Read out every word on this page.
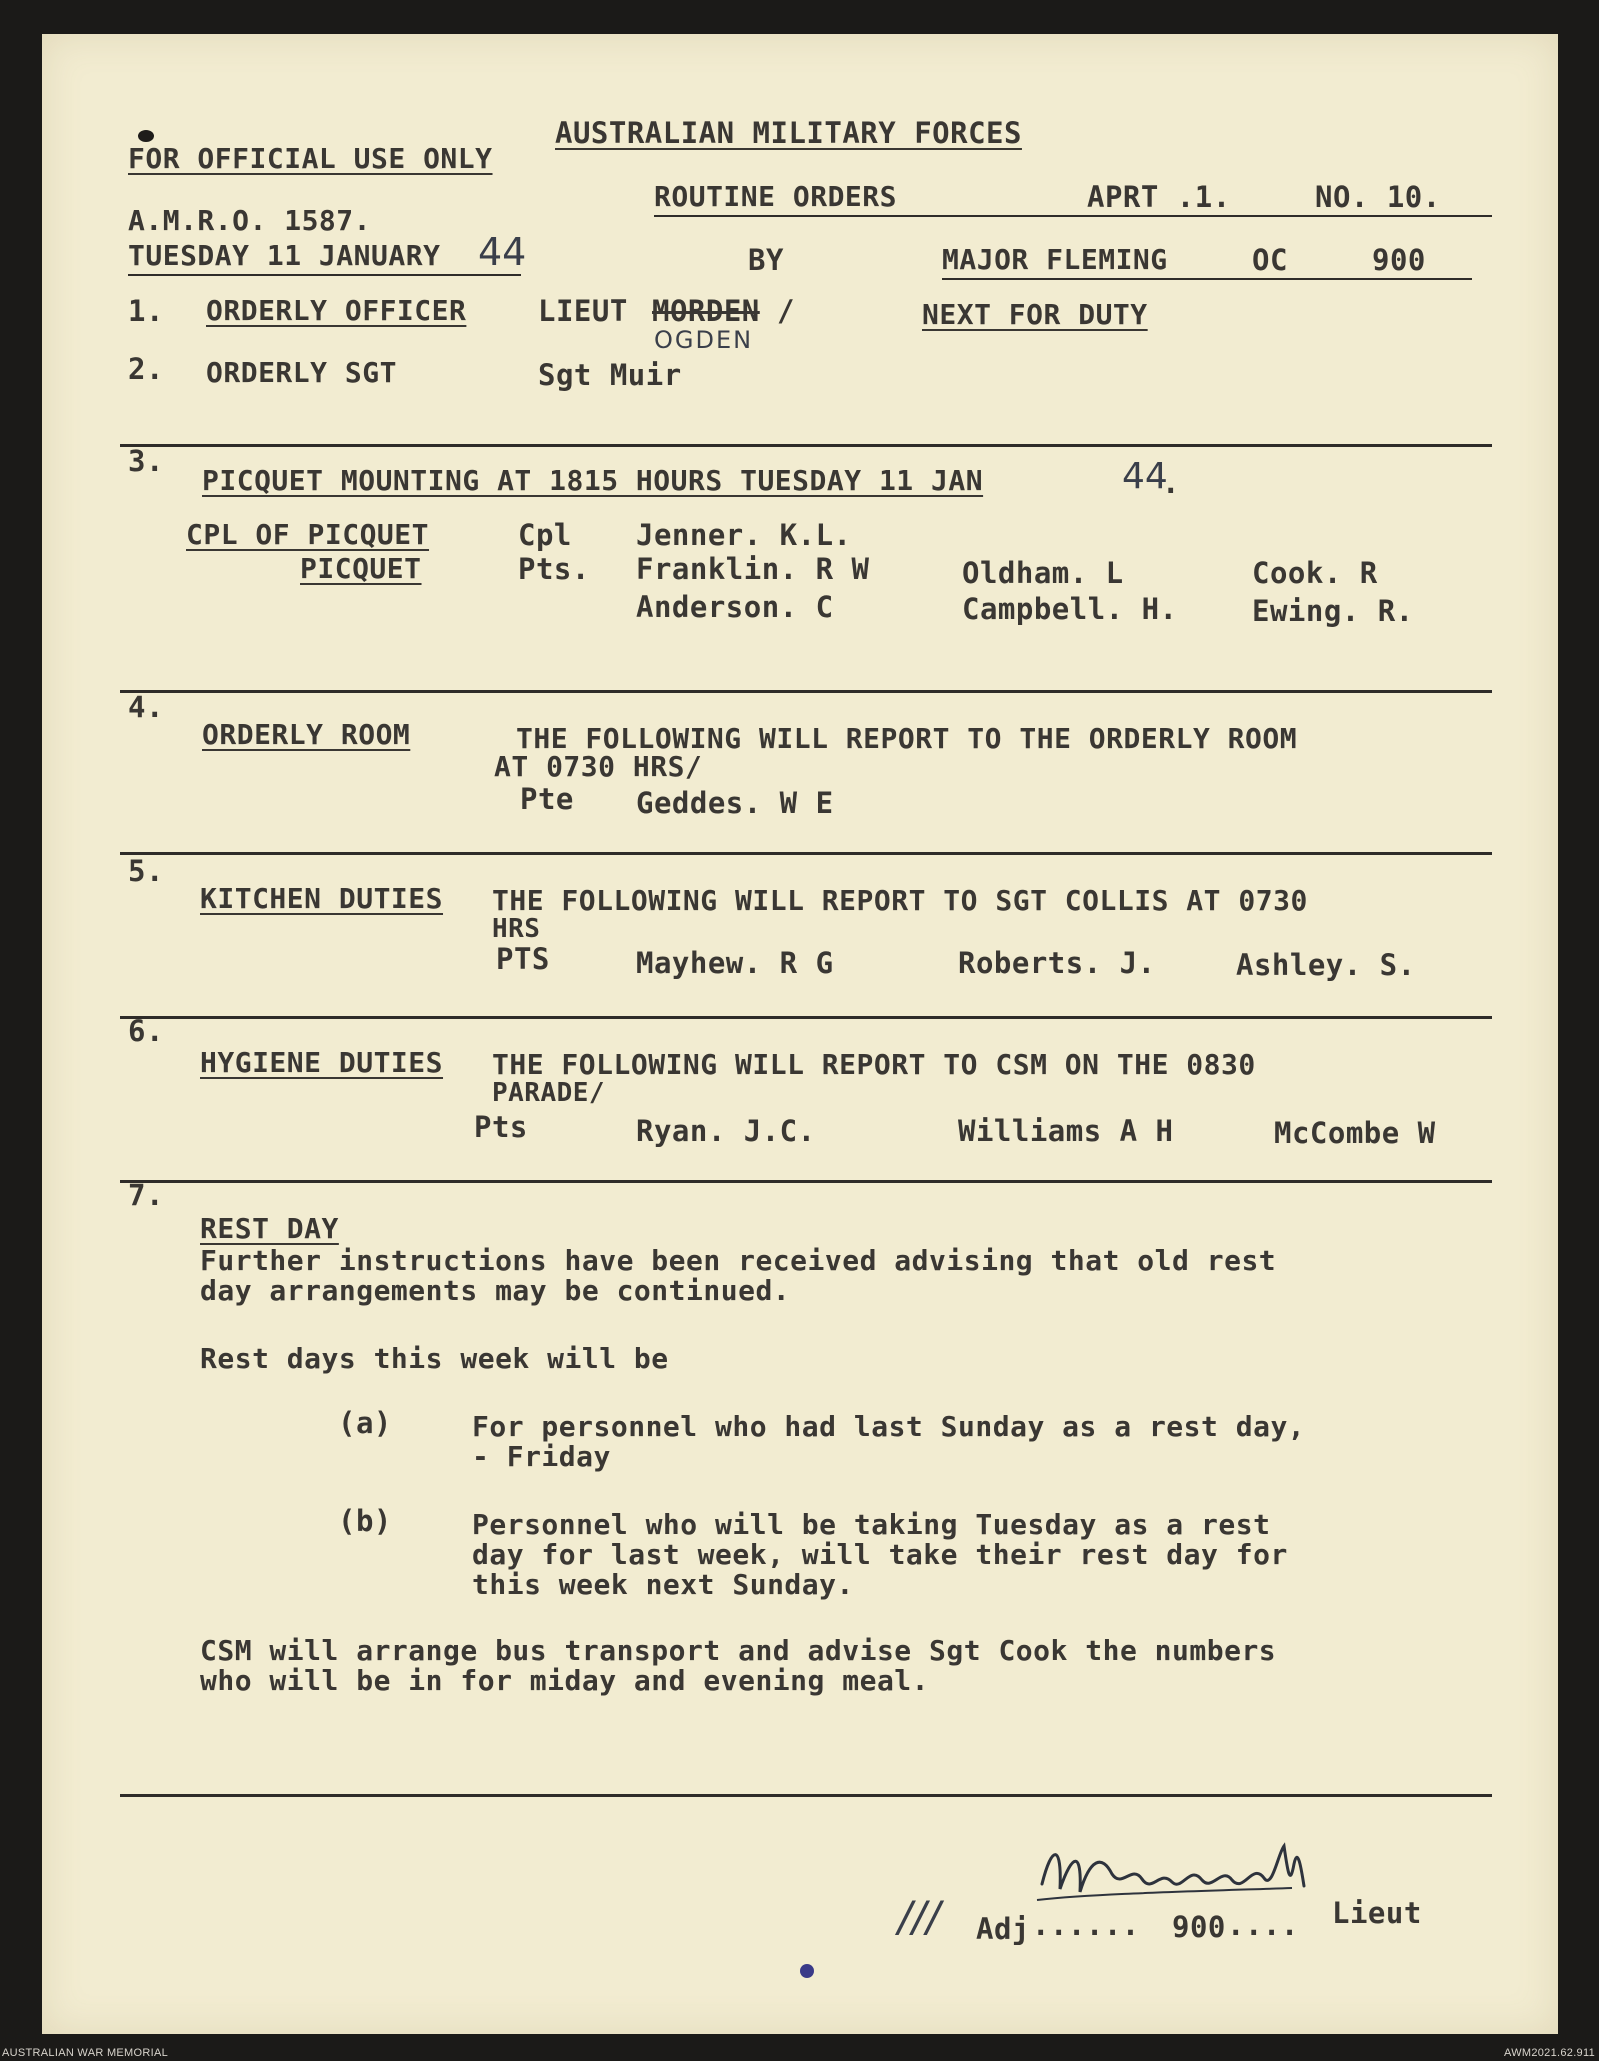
AUSTRALIAN MILITARY FORCES
FOR OFFICIAL USE ONLY
ROUTINE ORDERS	APRT .1.	NO. 10.
A.M.R.O. 1587.
TUESDAY 11 JANUARY 44	BY	MAJOR FLEMING	OC	900
1. ORDERLY OFFICER LIEUT MORDEN /
OGDEN
NEXT FOR DUTY
2. ORDERLY SGT	Sgt Muir
3.
PICQUET MOUNTING AT 1815 HOURS TUESDAY 11 JAN	44
.
CPL OF PICQUET	Cpl Jenner. K.L.
PICQUET	Pts. Franklin. R W	Oldham. L	Cook. R
Anderson. C	Campbell. H.	Ewing. R.
4.
ORDERLY ROOM	THE FOLLOWING WILL REPORT TO THE ORDERLY ROOM
AT 0730 HRS/
Pte Geddes. W E
5.
KITCHEN DUTIES THE FOLLOWING WILL REPORT TO SGT COLLIS AT 0730
HRS
PTS	Mayhew. R G	Roberts. J.	Ashley. S.
6.
HYGIENE DUTIES THE FOLLOWING WILL REPORT TO CSM ON THE 0830
PARADE/
Pts	Ryan. J.C.	Williams A H	McCombe W
7.
REST DAY
Further instructions have been received advising that old rest
day arrangements may be continued.
Rest days this week will be
(a)	For personnel who had last Sunday as a rest day,
- Friday
(b)	Personnel who will be taking Tuesday as a rest
day for last week, will take their rest day for
this week next Sunday.
CSM will arrange bus transport and advise Sgt Cook the numbers
who will be in for miday and evening meal.
/// Adj ...... 900 .... Lieut
AUSTRALIAN WAR MEMORIAL	AWM2021.62.911
